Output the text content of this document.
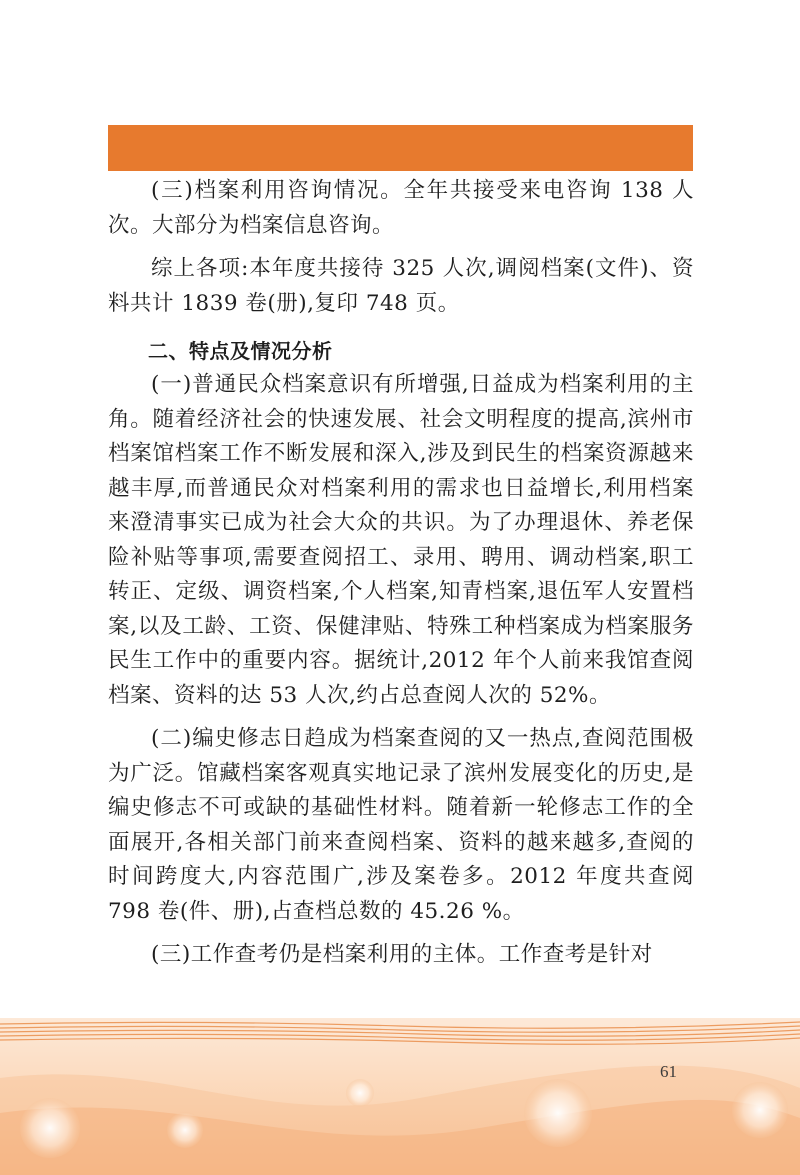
(三)档案利用咨询情况。全年共接受来电咨询 138 人次。大部分为档案信息咨询。

综上各项:本年度共接待 325 人次,调阅档案(文件)、资料共计 1839 卷(册),复印 748 页。

二、特点及情况分析

(一)普通民众档案意识有所增强,日益成为档案利用的主角。随着经济社会的快速发展、社会文明程度的提高,滨州市档案馆档案工作不断发展和深入,涉及到民生的档案资源越来越丰厚,而普通民众对档案利用的需求也日益增长,利用档案来澄清事实已成为社会大众的共识。为了办理退休、养老保险补贴等事项,需要查阅招工、录用、聘用、调动档案,职工转正、定级、调资档案,个人档案,知青档案,退伍军人安置档案,以及工龄、工资、保健津贴、特殊工种档案成为档案服务民生工作中的重要内容。据统计,2012 年个人前来我馆查阅档案、资料的达 53 人次,约占总查阅人次的 52%。

(二)编史修志日趋成为档案查阅的又一热点,查阅范围极为广泛。馆藏档案客观真实地记录了滨州发展变化的历史,是编史修志不可或缺的基础性材料。随着新一轮修志工作的全面展开,各相关部门前来查阅档案、资料的越来越多,查阅的时间跨度大,内容范围广,涉及案卷多。2012 年度共查阅 798 卷(件、册),占查档总数的 45.26 %。

(三)工作查考仍是档案利用的主体。工作查考是针对

61
